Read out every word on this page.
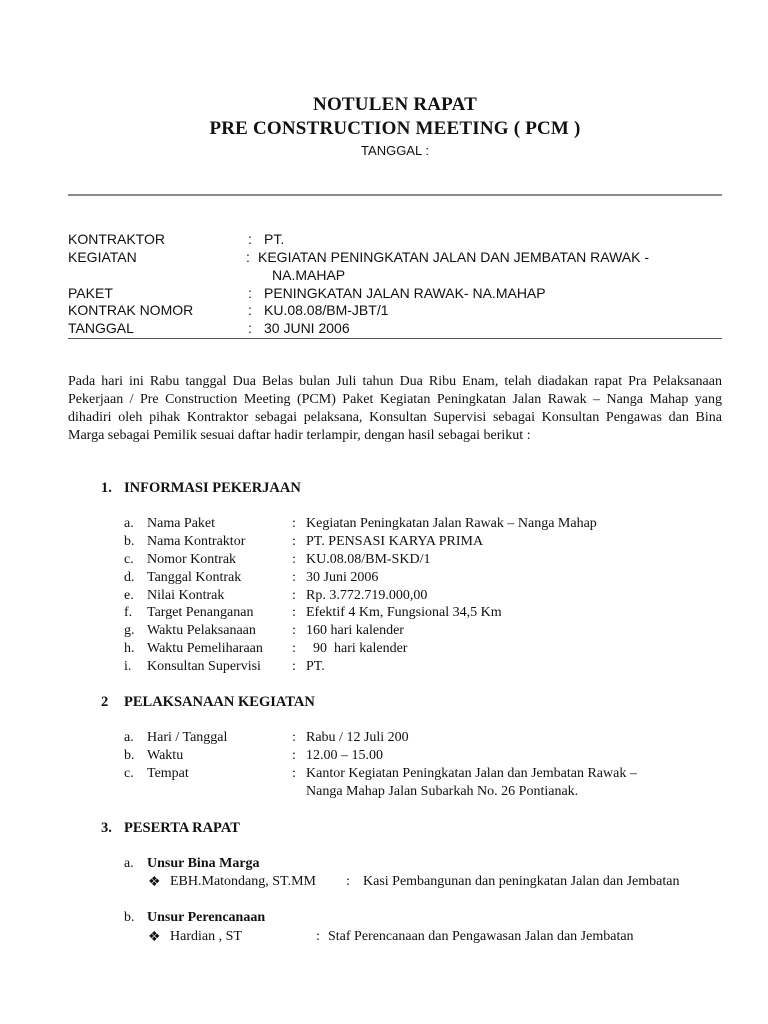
NOTULEN RAPAT
PRE CONSTRUCTION MEETING ( PCM )
TANGGAL :
KONTRAKTOR	: PT.
KEGIATAN	: KEGIATAN PENINGKATAN JALAN DAN JEMBATAN RAWAK -
NA.MAHAP
PAKET	: PENINGKATAN JALAN RAWAK- NA.MAHAP
KONTRAK NOMOR	: KU.08.08/BM-JBT/1
TANGGAL	: 30 JUNI 2006
Pada hari ini Rabu tanggal Dua Belas bulan Juli tahun Dua Ribu Enam, telah diadakan rapat Pra Pelaksanaan Pekerjaan / Pre Construction Meeting (PCM) Paket Kegiatan Peningkatan Jalan Rawak – Nanga Mahap yang dihadiri oleh pihak Kontraktor sebagai pelaksana, Konsultan Supervisi sebagai Konsultan Pengawas dan Bina Marga sebagai Pemilik sesuai daftar hadir terlampir, dengan hasil sebagai berikut :
1. INFORMASI PEKERJAAN
a. Nama Paket	: Kegiatan Peningkatan Jalan Rawak – Nanga Mahap
b. Nama Kontraktor	: PT. PENSASI KARYA PRIMA
c. Nomor Kontrak	: KU.08.08/BM-SKD/1
d. Tanggal Kontrak	: 30 Juni 2006
e. Nilai Kontrak	: Rp. 3.772.719.000,00
f. Target Penanganan	: Efektif 4 Km, Fungsional 34,5 Km
g. Waktu Pelaksanaan	: 160 hari kalender
h. Waktu Pemeliharaan : 90  hari kalender
i. Konsultan Supervisi : PT.
2 PELAKSANAAN KEGIATAN
a. Hari / Tanggal	: Rabu / 12 Juli 200
b. Waktu	: 12.00 – 15.00
c. Tempat	: Kantor Kegiatan Peningkatan Jalan dan Jembatan Rawak –
Nanga Mahap Jalan Subarkah No. 26 Pontianak.
3. PESERTA RAPAT
a. Unsur Bina Marga
❖ EBH.Matondang, ST.MM : Kasi Pembangunan dan peningkatan Jalan dan Jembatan
b. Unsur Perencanaan
❖ Hardian , ST	: Staf Perencanaan dan Pengawasan Jalan dan Jembatan
